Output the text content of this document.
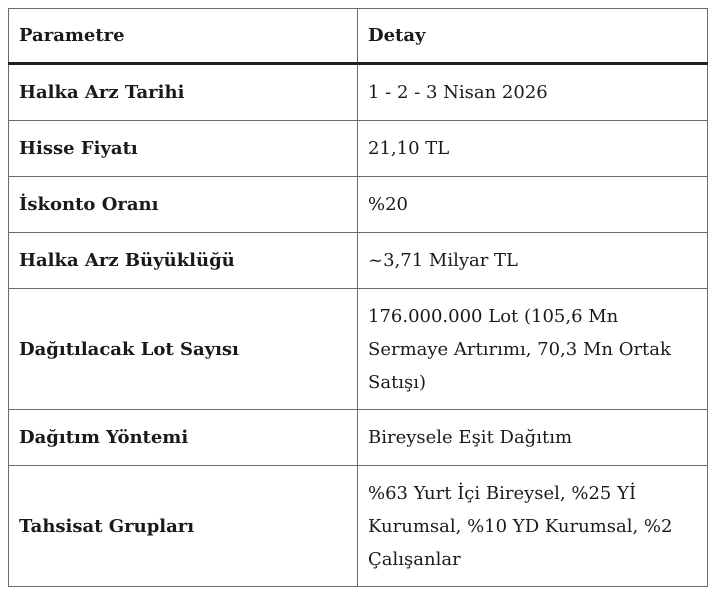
Parametre	Detay
Halka Arz Tarihi	1 - 2 - 3 Nisan 2026
Hisse Fiyatı	21,10 TL
İskonto Oranı	%20
Halka Arz Büyüklüğü	~3,71 Milyar TL
Dağıtılacak Lot Sayısı	176.000.000 Lot (105,6 Mn Sermaye Artırımı, 70,3 Mn Ortak Satışı)
Dağıtım Yöntemi	Bireysele Eşit Dağıtım
Tahsisat Grupları	%63 Yurt İçi Bireysel, %25 Yİ Kurumsal, %10 YD Kurumsal, %2 Çalışanlar
